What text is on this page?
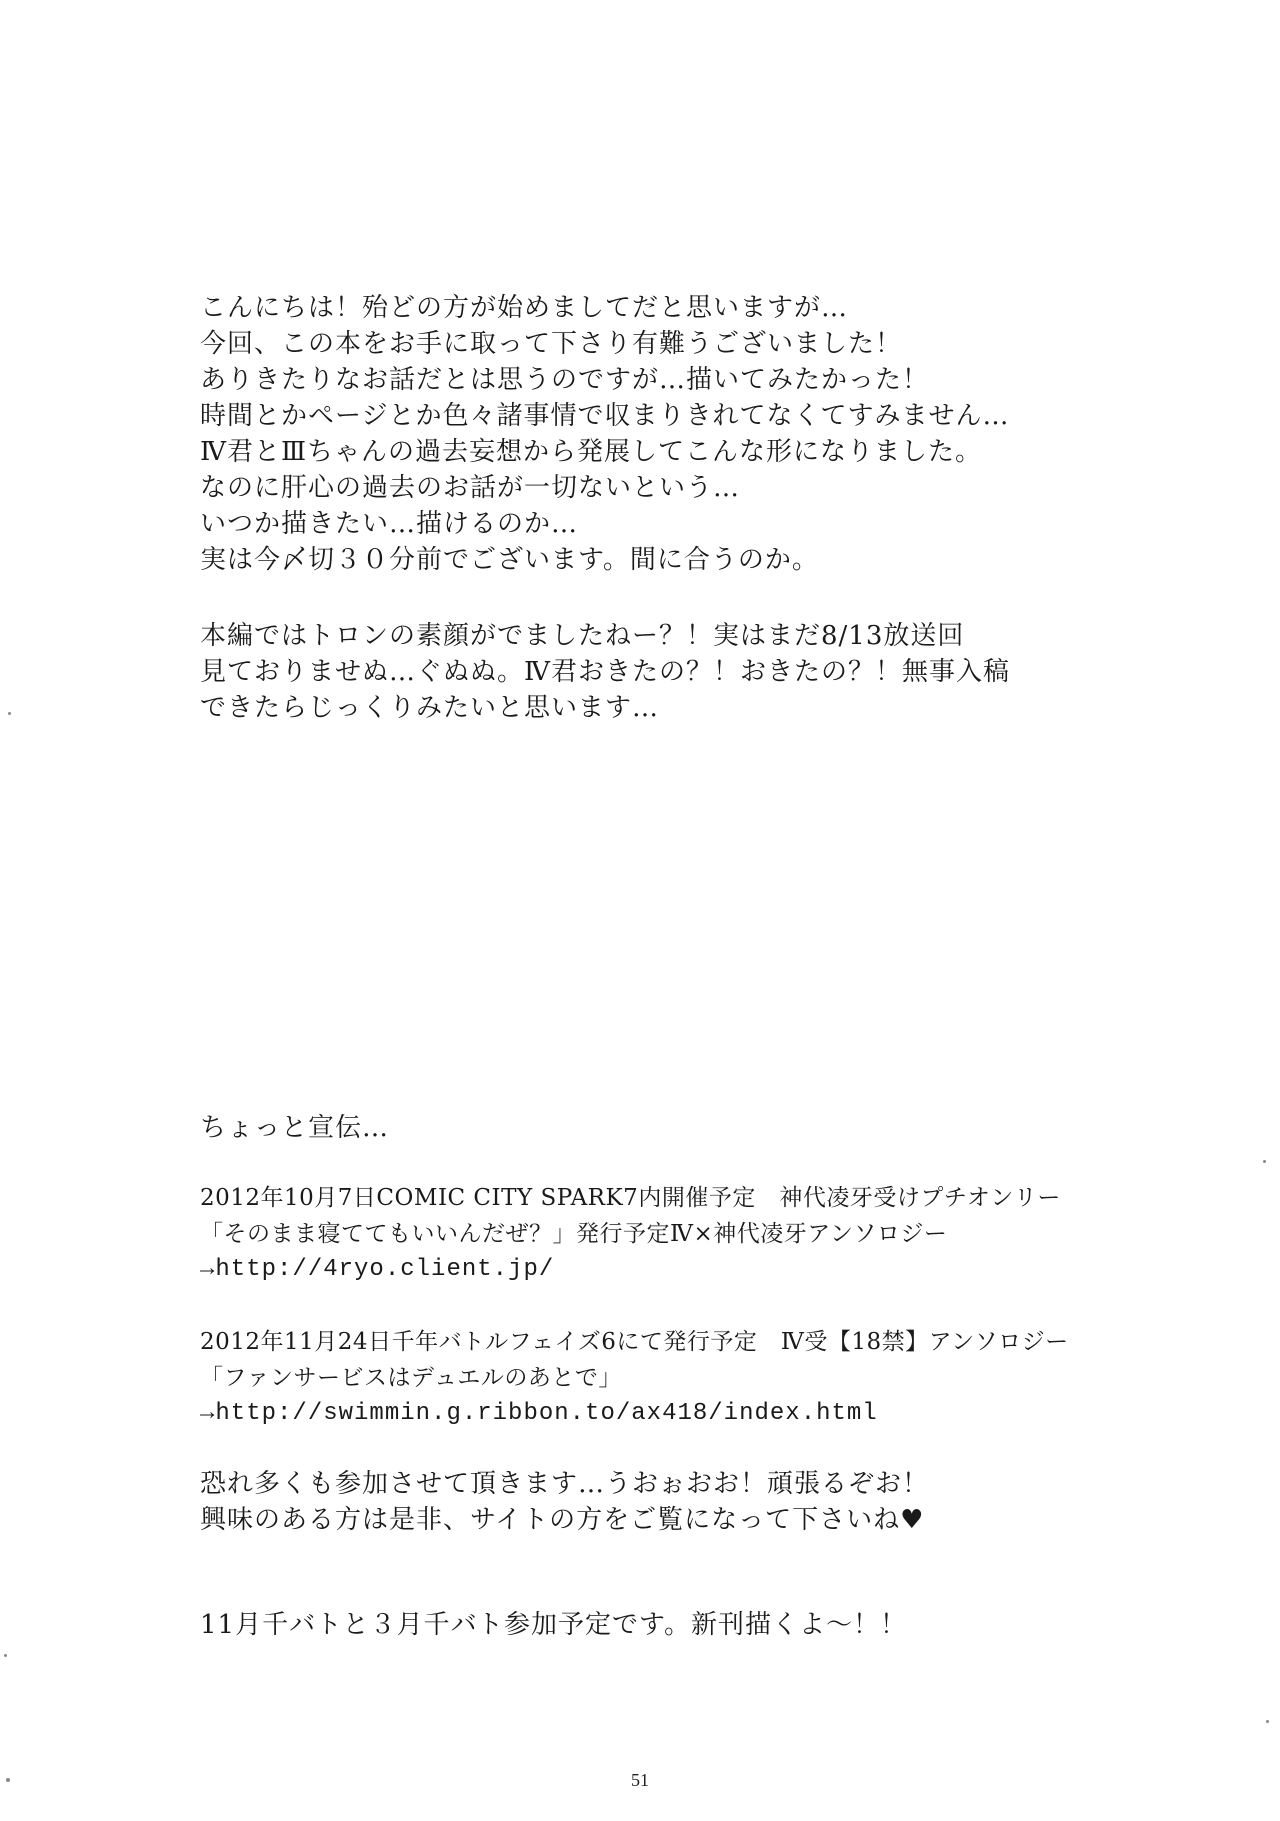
こんにちは！殆どの方が始めましてだと思いますが…
今回、この本をお手に取って下さり有難うございました！
ありきたりなお話だとは思うのですが…描いてみたかった！
時間とかページとか色々諸事情で収まりきれてなくてすみません…
Ⅳ君とⅢちゃんの過去妄想から発展してこんな形になりました。
なのに肝心の過去のお話が一切ないという…
いつか描きたい…描けるのか…
実は今〆切３０分前でございます。間に合うのか。
本編ではトロンの素顔がでましたねー？！実はまだ8/13放送回
見ておりませぬ…ぐぬぬ。Ⅳ君おきたの？！おきたの？！無事入稿
できたらじっくりみたいと思います…
ちょっと宣伝…
2012年10月7日COMIC CITY SPARK7内開催予定　神代凌牙受けプチオンリー
「そのまま寝ててもいいんだぜ？」発行予定Ⅳ×神代凌牙アンソロジー
→http://4ryo.client.jp/
2012年11月24日千年バトルフェイズ6にて発行予定　Ⅳ受【18禁】アンソロジー
「ファンサービスはデュエルのあとで」
→http://swimmin.g.ribbon.to/ax418/index.html
恐れ多くも参加させて頂きます…うおぉおお！頑張るぞお！
興味のある方は是非、サイトの方をご覧になって下さいね♥
11月千バトと３月千バト参加予定です。新刊描くよ～！！
51
